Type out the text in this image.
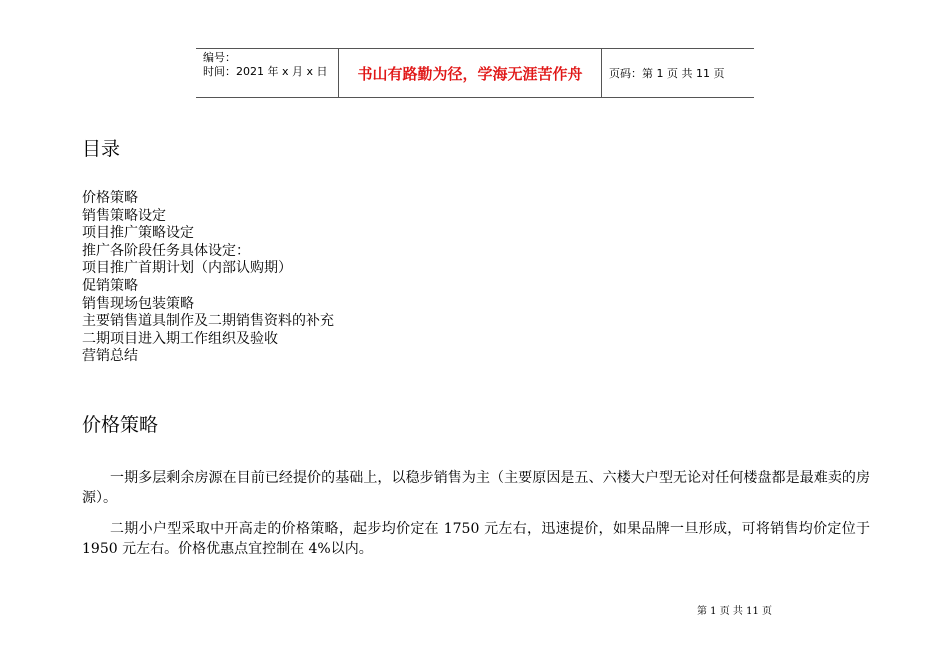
编号：
时间：2021 年 x 月 x 日	书山有路勤为径，学海无涯苦作舟 页码：第 1 页 共 11 页
目录
价格策略
销售策略设定
项目推广策略设定
推广各阶段任务具体设定：
项目推广首期计划（内部认购期）
促销策略
销售现场包装策略
主要销售道具制作及二期销售资料的补充
二期项目进入期工作组织及验收
营销总结
价格策略

一期多层剩余房源在目前已经提价的基础上，以稳步销售为主（主要原因是五、六楼大户型无论对任何楼盘都是最难卖的房源）。

二期小户型采取中开高走的价格策略，起步均价定在 1750 元左右，迅速提价，如果品牌一旦形成，可将销售均价定位于 1950 元左右。价格优惠点宜控制在 4%以内。

第 1 页 共 11 页
